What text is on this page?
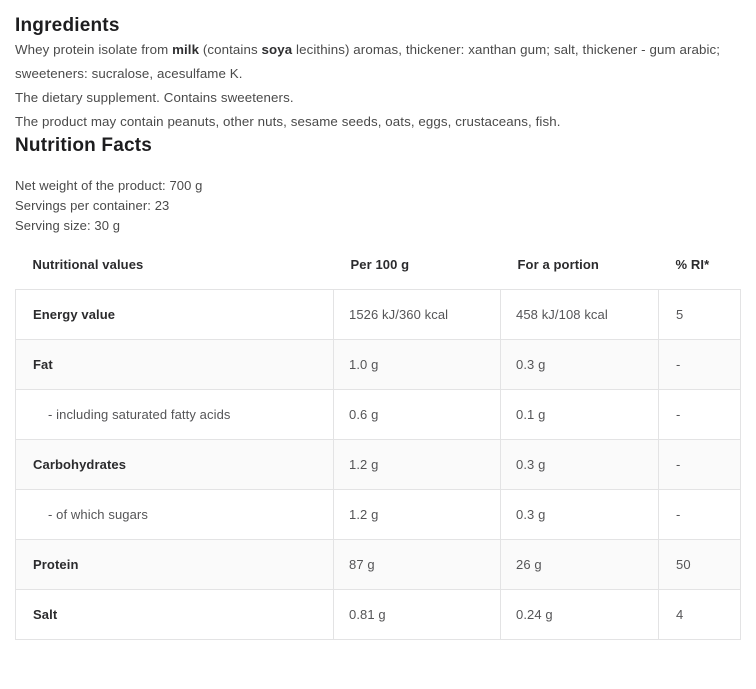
Ingredients

Whey protein isolate from milk (contains soya lecithins) aromas, thickener: xanthan gum; salt, thickener - gum arabic; sweeteners: sucralose, acesulfame K.

The dietary supplement. Contains sweeteners.

The product may contain peanuts, other nuts, sesame seeds, oats, eggs, crustaceans, fish.

Nutrition Facts

Net weight of the product: 700 g

Servings per container: 23

Serving size: 30 g

Nutritional values	Per 100 g	For a portion	% RI*
Energy value	1526 kJ/360 kcal	458 kJ/108 kcal	5
Fat	1.0 g	0.3 g	-
- including saturated fatty acids	0.6 g	0.1 g	-
Carbohydrates	1.2 g	0.3 g	-
- of which sugars	1.2 g	0.3 g	-
Protein	87 g	26 g	50
Salt	0.81 g	0.24 g	4
